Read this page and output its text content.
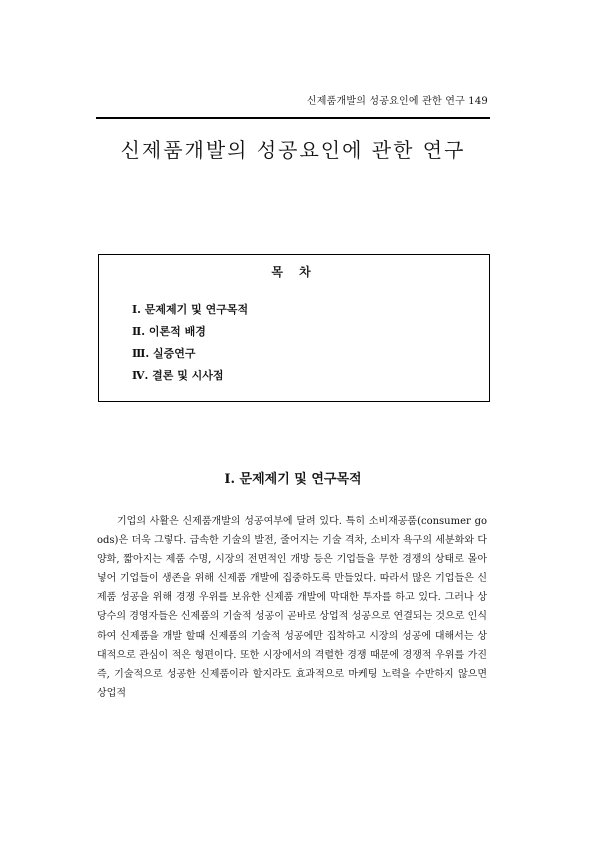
신제품개발의 성공요인에 관한 연구 149
신제품개발의 성공요인에 관한 연구
목 차
Ⅰ. 문제제기 및 연구목적
Ⅱ. 이론적 배경
Ⅲ. 실증연구
Ⅳ. 결론 및 시사점
Ⅰ. 문제제기 및 연구목적

기업의 사활은 신제품개발의 성공여부에 달려 있다. 특히 소비재공품(consumer goods)은 더욱 그렇다. 급속한 기술의 발전, 줄어지는 기술 격차, 소비자 욕구의 세분화와 다양화, 짧아지는 제품 수명, 시장의 전면적인 개방 등은 기업들을 무한 경쟁의 상태로 몰아넣어 기업들이 생존을 위해 신제품 개발에 집중하도록 만들었다. 따라서 많은 기업들은 신제품 성공을 위해 경쟁 우위를 보유한 신제품 개발에 막대한 투자를 하고 있다. 그러나 상당수의 경영자들은 신제품의 기술적 성공이 곧바로 상업적 성공으로 연결되는 것으로 인식하여 신제품을 개발 할때 신제품의 기술적 성공에만 집착하고 시장의 성공에 대해서는 상대적으로 관심이 적은 형편이다. 또한 시장에서의 격렬한 경쟁 때문에 경쟁적 우위를 가진 즉, 기술적으로 성공한 신제품이라 할지라도 효과적으로 마케팅 노력을 수반하지 않으면 상업적
